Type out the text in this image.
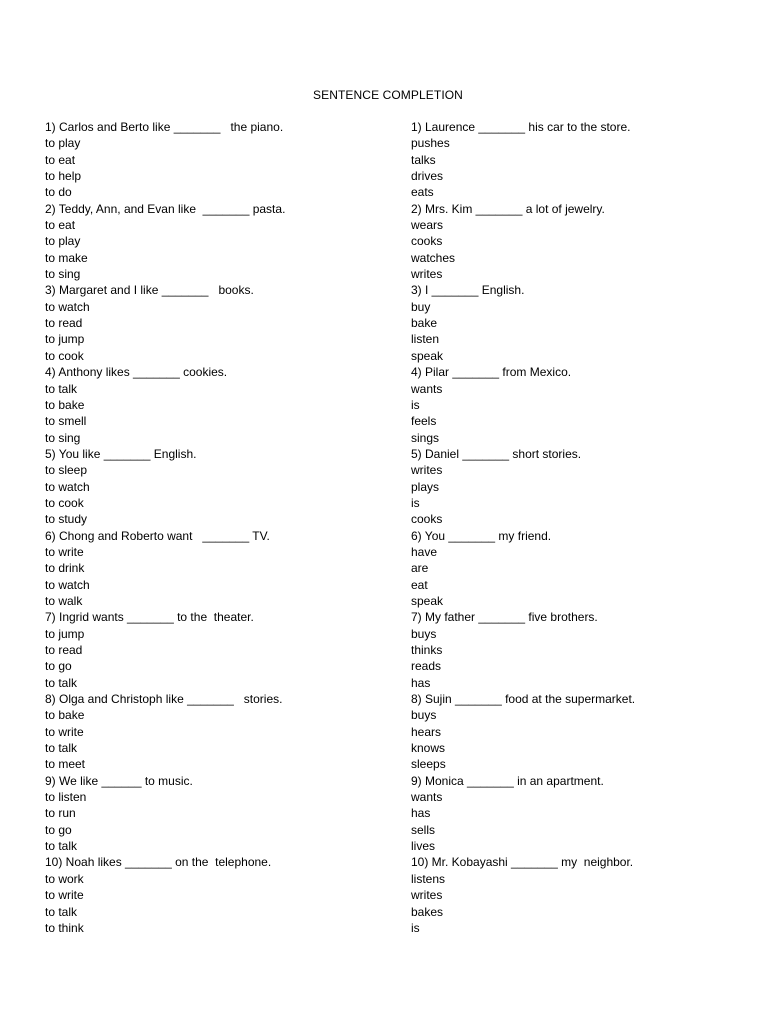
SENTENCE COMPLETION
1) Carlos and Berto like _______   the piano.
to play
to eat
to help
to do
2) Teddy, Ann, and Evan like  _______ pasta.
to eat
to play
to make
to sing
3) Margaret and I like _______   books.
to watch
to read
to jump
to cook
4) Anthony likes _______ cookies.
to talk
to bake
to smell
to sing
5) You like _______ English.
to sleep
to watch
to cook
to study
6) Chong and Roberto want   _______ TV.
to write
to drink
to watch
to walk
7) Ingrid wants _______ to the  theater.
to jump
to read
to go
to talk
8) Olga and Christoph like _______   stories.
to bake
to write
to talk
to meet
9) We like ______ to music.
to listen
to run
to go
to talk
10) Noah likes _______ on the  telephone.
to work
to write
to talk
to think
1) Laurence _______ his car to the store.
pushes
talks
drives
eats
2) Mrs. Kim _______ a lot of jewelry.
wears
cooks
watches
writes
3) I _______ English.
buy
bake
listen
speak
4) Pilar _______ from Mexico.
wants
is
feels
sings
5) Daniel _______ short stories.
writes
plays
is
cooks
6) You _______ my friend.
have
are
eat
speak
7) My father _______ five brothers.
buys
thinks
reads
has
8) Sujin _______ food at the supermarket.
buys
hears
knows
sleeps
9) Monica _______ in an apartment.
wants
has
sells
lives
10) Mr. Kobayashi _______ my  neighbor.
listens
writes
bakes
is
